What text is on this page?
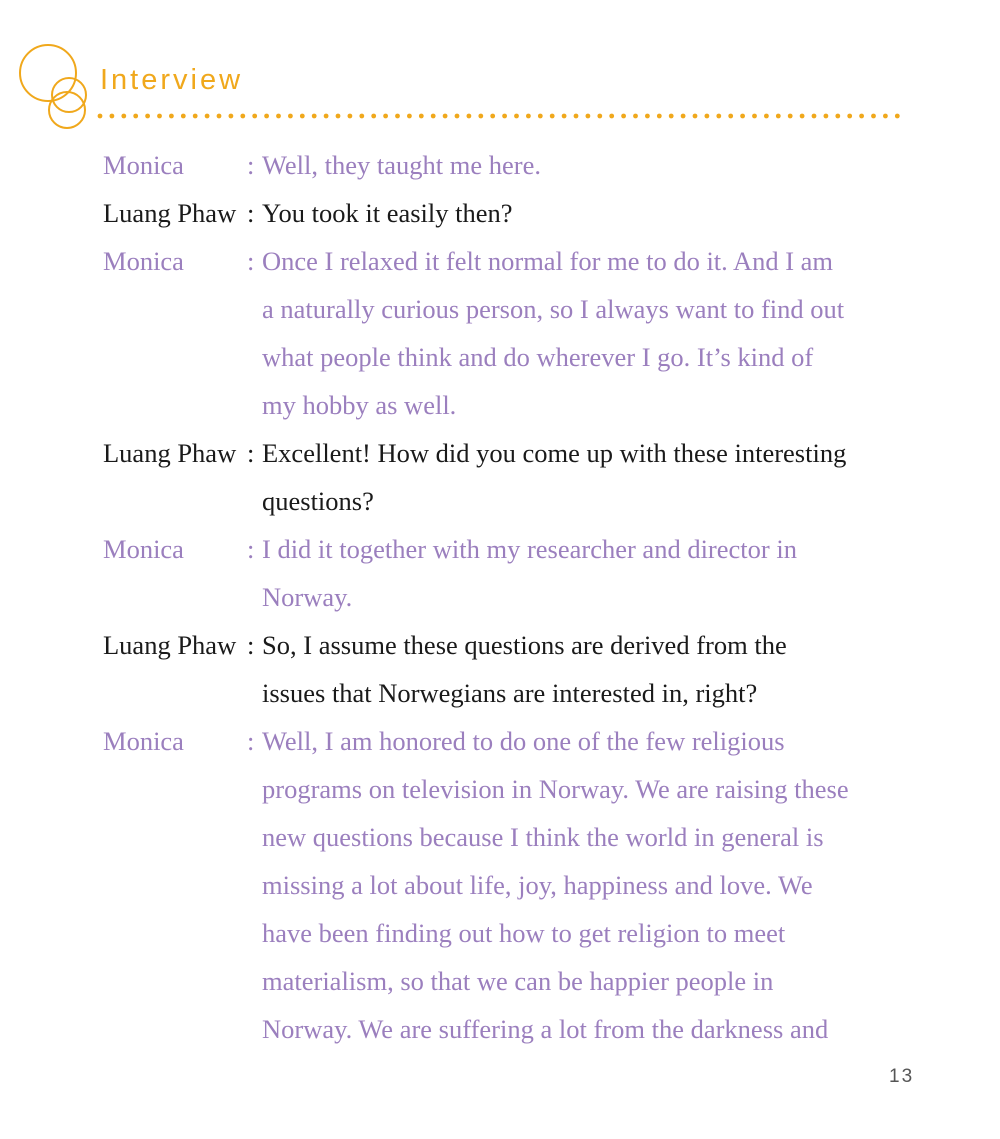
Interview
Monica : Well, they taught me here.

Luang Phaw : You took it easily then?

Monica : Once I relaxed it felt normal for me to do it. And I am
a naturally curious person, so I always want to find out
what people think and do wherever I go. It’s kind of
my hobby as well.

Luang Phaw : Excellent! How did you come up with these interesting
questions?

Monica : I did it together with my researcher and director in
Norway.

Luang Phaw : So, I assume these questions are derived from the
issues that Norwegians are interested in, right?

Monica : Well, I am honored to do one of the few religious
programs on television in Norway. We are raising these
new questions because I think the world in general is
missing a lot about life, joy, happiness and love. We
have been finding out how to get religion to meet
materialism, so that we can be happier people in
Norway. We are suffering a lot from the darkness and

13
